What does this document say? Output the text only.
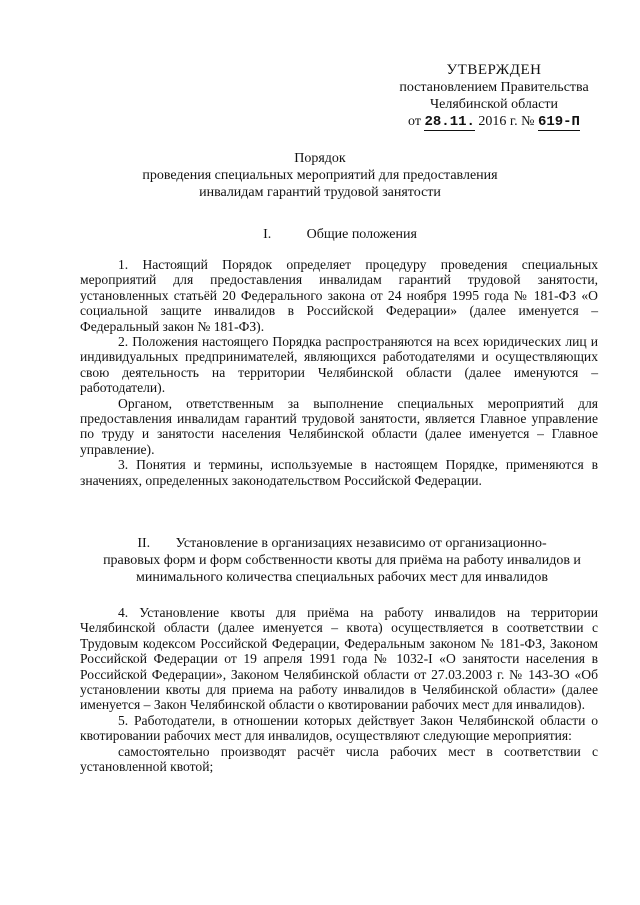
УТВЕРЖДЕН
постановлением Правительства
Челябинской области
от 28.11. 2016 г. № 619-П
Порядок
проведения специальных мероприятий для предоставления
инвалидам гарантий трудовой занятости
I.	Общие положения

1. Настоящий Порядок определяет процедуру проведения специальных мероприятий для предоставления инвалидам гарантий трудовой занятости, установленных статьёй 20 Федерального закона от 24 ноября 1995 года № 181-ФЗ «О социальной защите инвалидов в Российской Федерации» (далее именуется – Федеральный закон № 181-ФЗ).

2. Положения настоящего Порядка распространяются на всех юридических лиц и индивидуальных предпринимателей, являющихся работодателями и осуществляющих свою деятельность на территории Челябинской области (далее именуются – работодатели).

Органом, ответственным за выполнение специальных мероприятий для предоставления инвалидам гарантий трудовой занятости, является Главное управление по труду и занятости населения Челябинской области (далее именуется – Главное управление).

3. Понятия и термины, используемые в настоящем Порядке, применяются в значениях, определенных законодательством Российской Федерации.

II. Установление в организациях независимо от организационно-
правовых форм и форм собственности квоты для приёма на работу инвалидов и
минимального количества специальных рабочих мест для инвалидов

4. Установление квоты для приёма на работу инвалидов на территории Челябинской области (далее именуется – квота) осуществляется в соответствии с Трудовым кодексом Российской Федерации, Федеральным законом № 181-ФЗ, Законом Российской Федерации от 19 апреля 1991 года № 1032-I «О занятости населения в Российской Федерации», Законом Челябинской области от 27.03.2003 г. № 143-ЗО «Об установлении квоты для приема на работу инвалидов в Челябинской области» (далее именуется – Закон Челябинской области о квотировании рабочих мест для инвалидов).

5. Работодатели, в отношении которых действует Закон Челябинской области о квотировании рабочих мест для инвалидов, осуществляют следующие мероприятия:

самостоятельно производят расчёт числа рабочих мест в соответствии с установленной квотой;
